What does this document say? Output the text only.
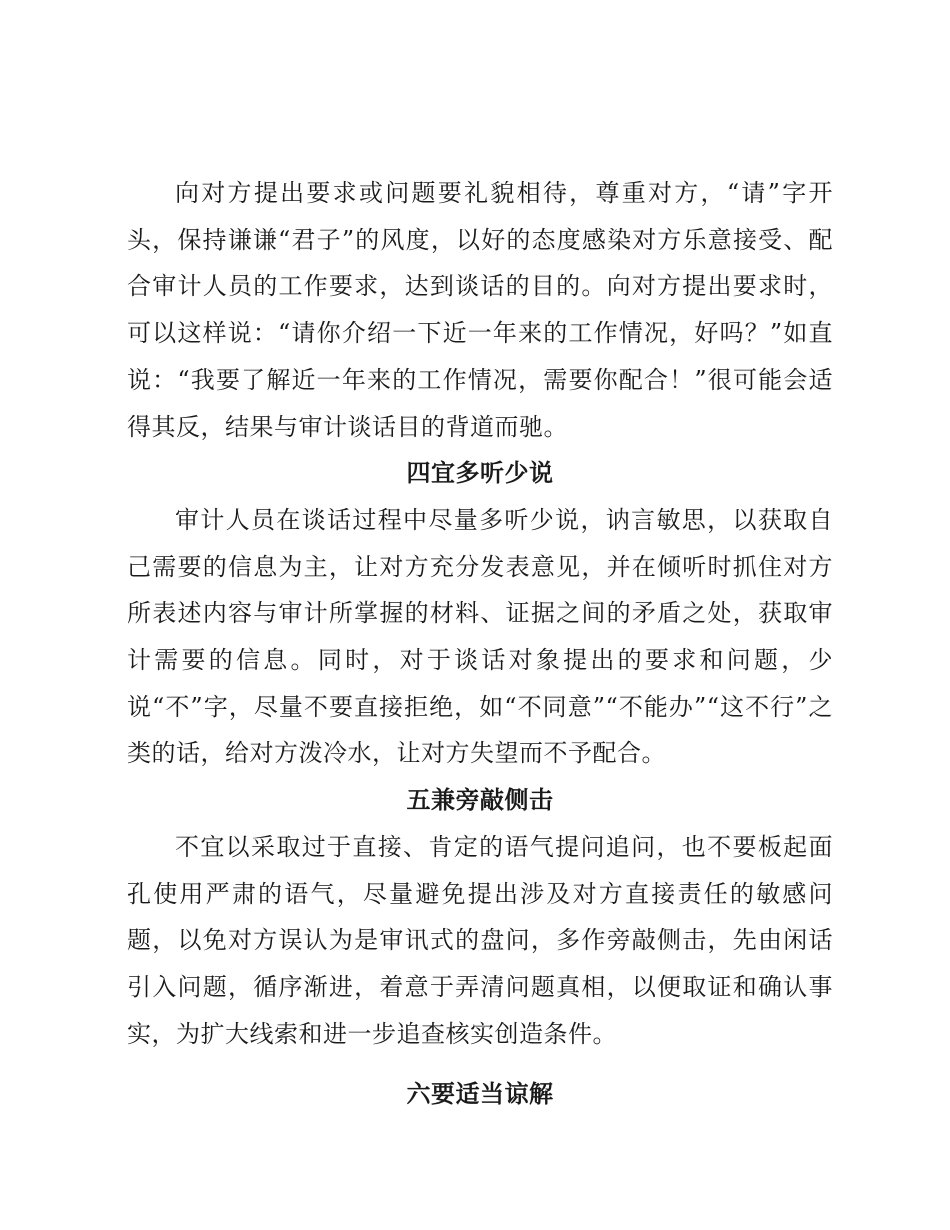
向对方提出要求或问题要礼貌相待，尊重对方，“请”字开头，保持谦谦“君子”的风度，以好的态度感染对方乐意接受、配合审计人员的工作要求，达到谈话的目的。向对方提出要求时，可以这样说：“请你介绍一下近一年来的工作情况，好吗？”如直说：“我要了解近一年来的工作情况，需要你配合！”很可能会适得其反，结果与审计谈话目的背道而驰。

四宜多听少说

审计人员在谈话过程中尽量多听少说，讷言敏思，以获取自己需要的信息为主，让对方充分发表意见，并在倾听时抓住对方所表述内容与审计所掌握的材料、证据之间的矛盾之处，获取审计需要的信息。同时，对于谈话对象提出的要求和问题，少说“不”字，尽量不要直接拒绝，如“不同意”“不能办”“这不行”之类的话，给对方泼冷水，让对方失望而不予配合。

五兼旁敲侧击

不宜以采取过于直接、肯定的语气提问追问，也不要板起面孔使用严肃的语气，尽量避免提出涉及对方直接责任的敏感问题，以免对方误认为是审讯式的盘问，多作旁敲侧击，先由闲话引入问题，循序渐进，着意于弄清问题真相，以便取证和确认事实，为扩大线索和进一步追查核实创造条件。

六要适当谅解
